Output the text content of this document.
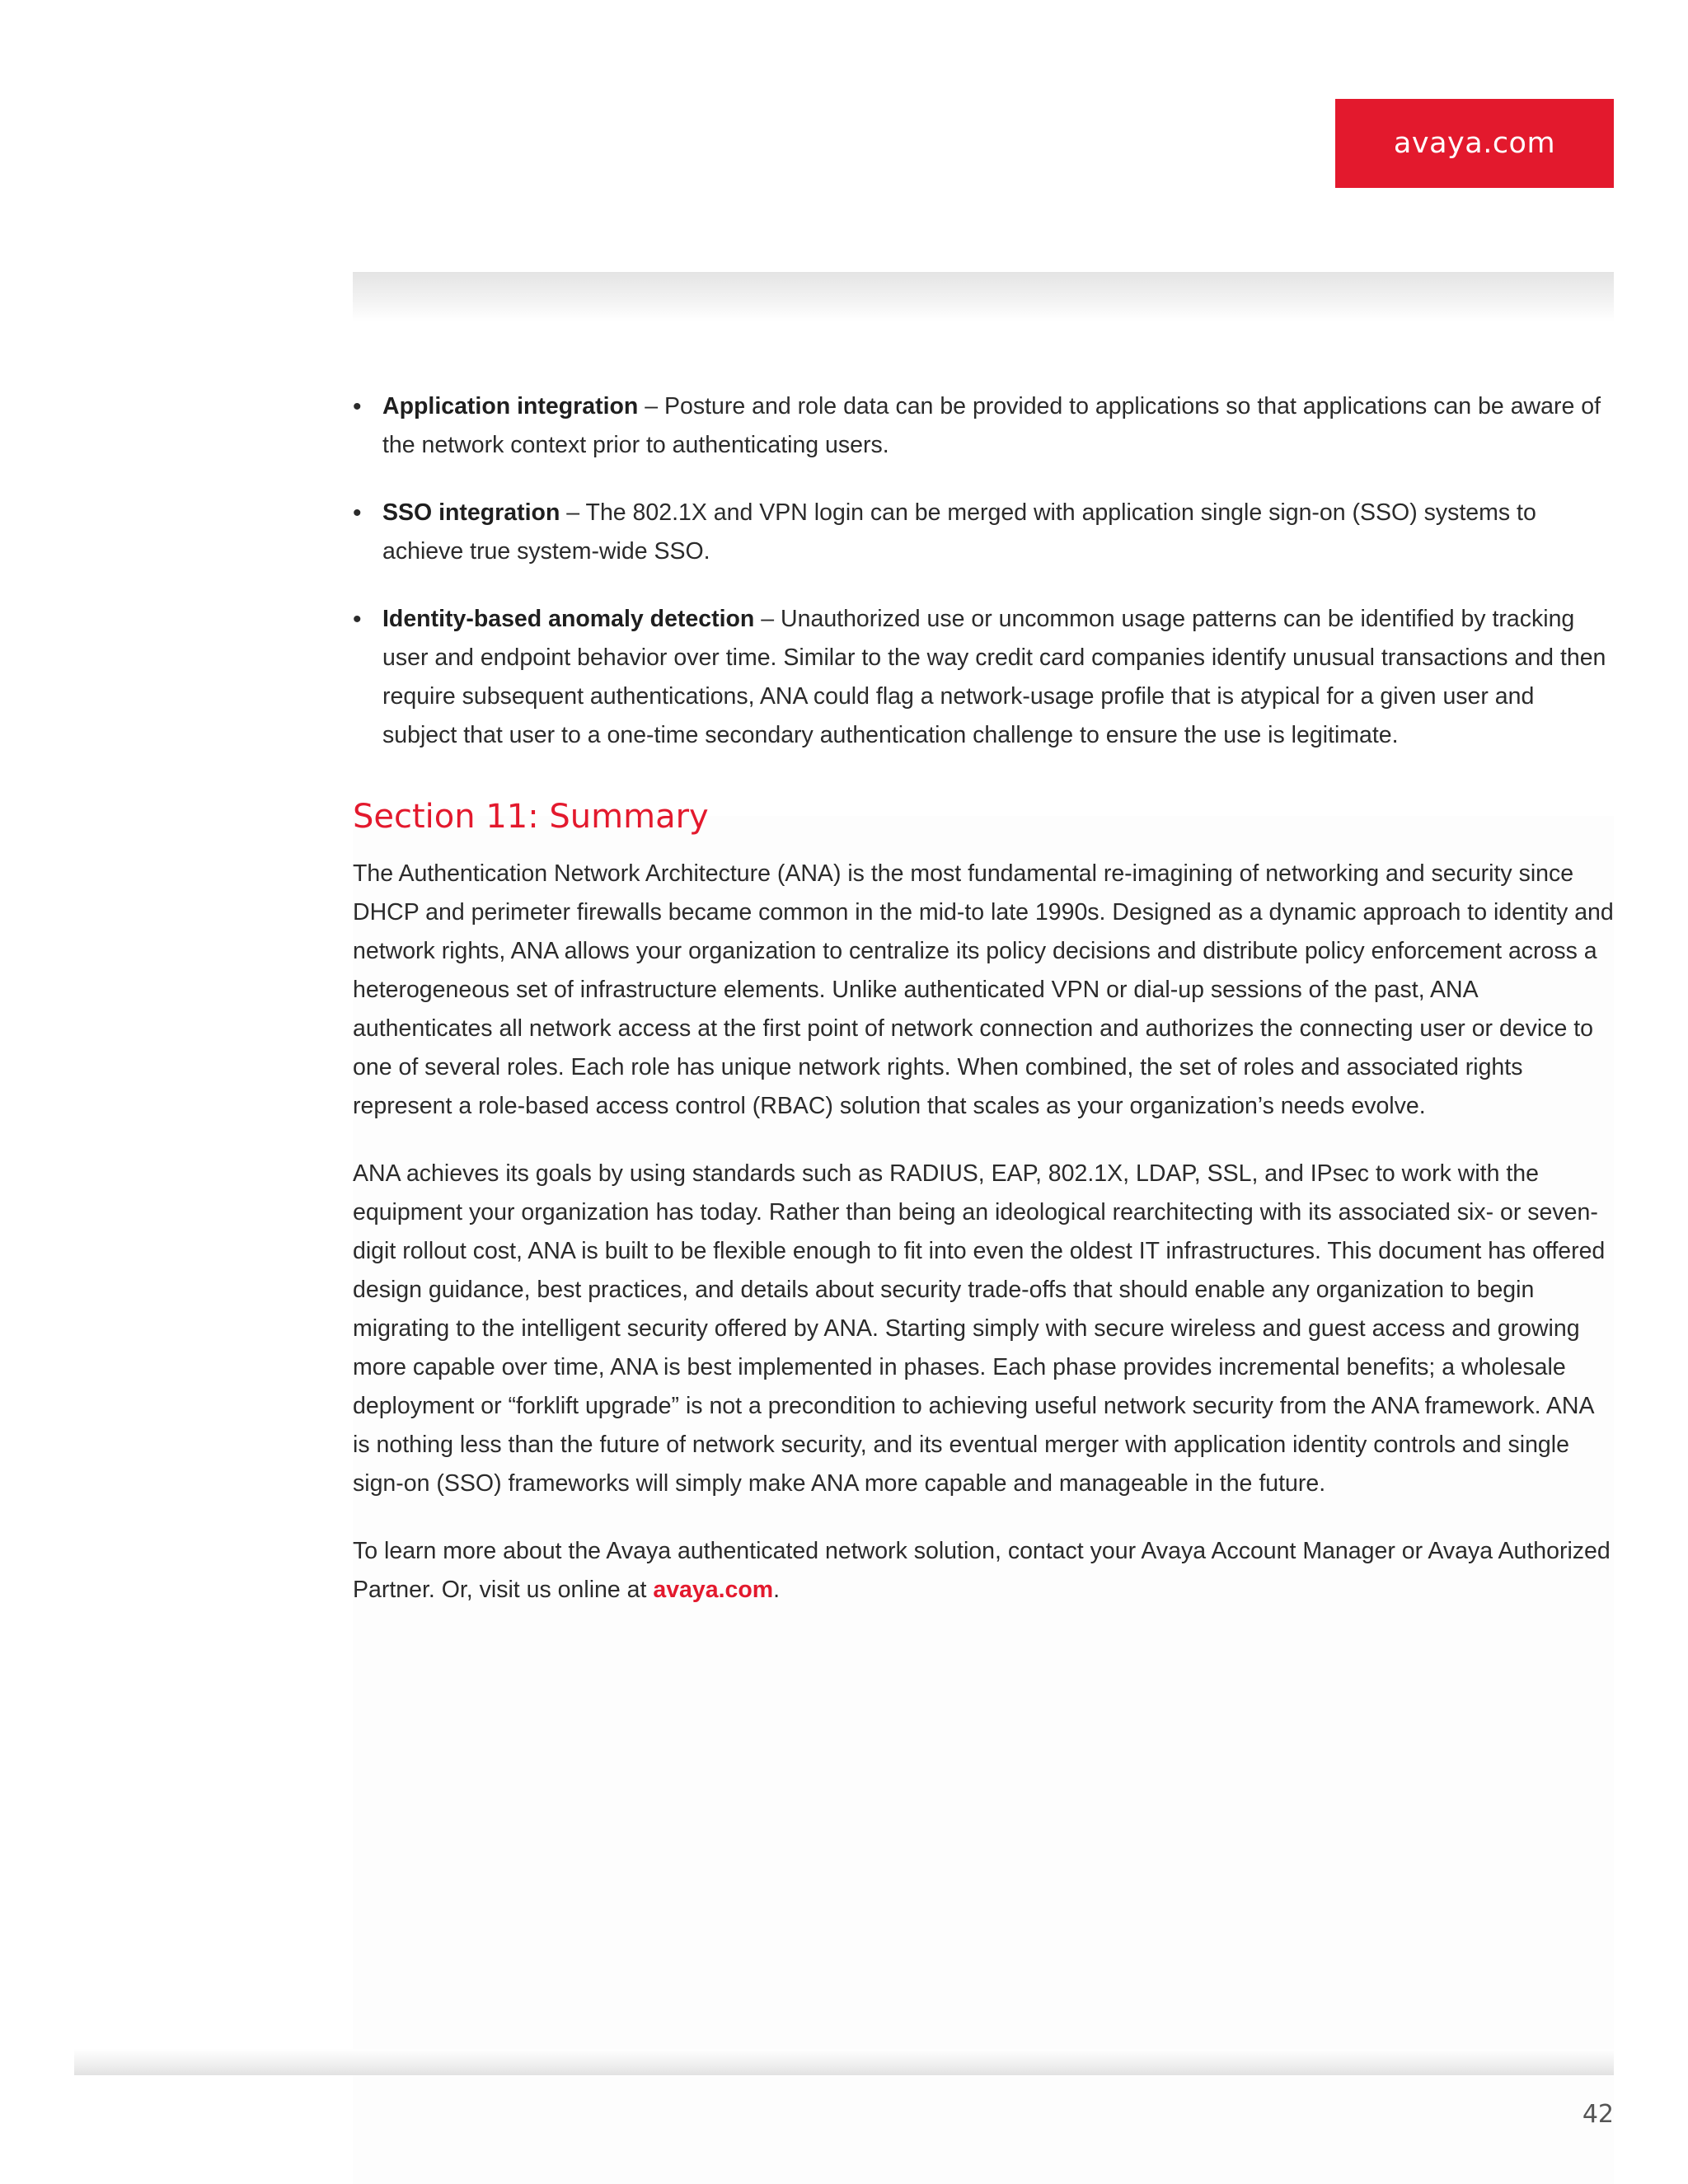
avaya.com
• Application integration – Posture and role data can be provided to applications so that applications can be aware of the network context prior to authenticating users.
• SSO integration – The 802.1X and VPN login can be merged with application single sign-on (SSO) systems to achieve true system-wide SSO.
• Identity-based anomaly detection – Unauthorized use or uncommon usage patterns can be identified by tracking user and endpoint behavior over time. Similar to the way credit card companies identify unusual transactions and then require subsequent authentications, ANA could flag a network-usage profile that is atypical for a given user and subject that user to a one-time secondary authentication challenge to ensure the use is legitimate.
Section 11: Summary

The Authentication Network Architecture (ANA) is the most fundamental re-imagining of networking and security since DHCP and perimeter firewalls became common in the mid-to late 1990s. Designed as a dynamic approach to identity and network rights, ANA allows your organization to centralize its policy decisions and distribute policy enforcement across a heterogeneous set of infrastructure elements. Unlike authenticated VPN or dial-up sessions of the past, ANA authenticates all network access at the first point of network connection and authorizes the connecting user or device to one of several roles. Each role has unique network rights. When combined, the set of roles and associated rights represent a role-based access control (RBAC) solution that scales as your organization’s needs evolve.

ANA achieves its goals by using standards such as RADIUS, EAP, 802.1X, LDAP, SSL, and IPsec to work with the equipment your organization has today. Rather than being an ideological rearchitecting with its associated six- or seven-digit rollout cost, ANA is built to be flexible enough to fit into even the oldest IT infrastructures. This document has offered design guidance, best practices, and details about security trade-offs that should enable any organization to begin migrating to the intelligent security offered by ANA. Starting simply with secure wireless and guest access and growing more capable over time, ANA is best implemented in phases. Each phase provides incremental benefits; a wholesale deployment or “forklift upgrade” is not a precondition to achieving useful network security from the ANA framework. ANA is nothing less than the future of network security, and its eventual merger with application identity controls and single sign-on (SSO) frameworks will simply make ANA more capable and manageable in the future.

To learn more about the Avaya authenticated network solution, contact your Avaya Account Manager or Avaya Authorized Partner. Or, visit us online at avaya.com.

42
